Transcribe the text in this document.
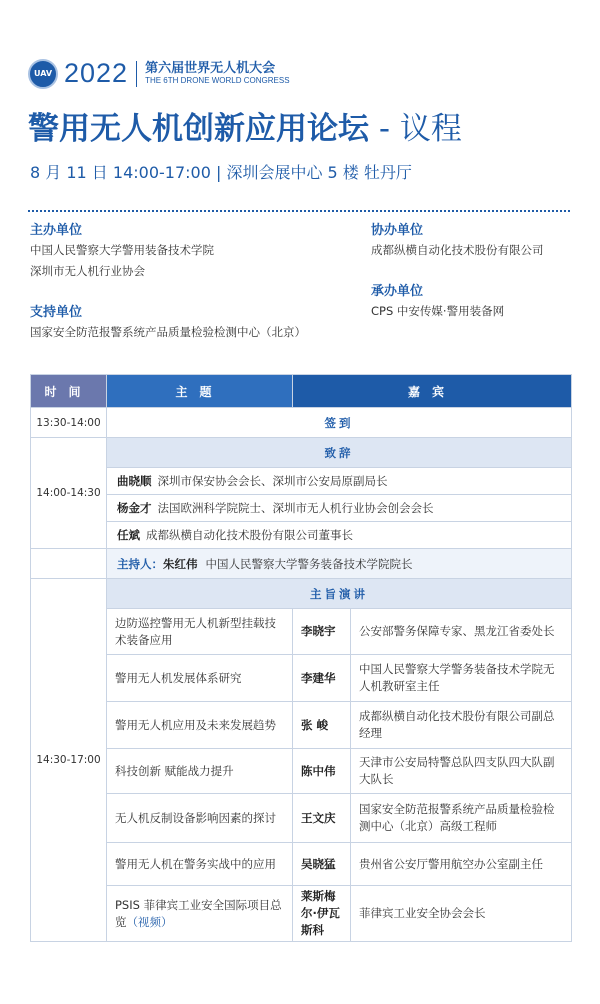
UAV 2022 第六届世界无人机大会
THE 6TH DRONE WORLD CONGRESS
警用无人机创新应用论坛 - 议程
8 月 11 日 14:00-17:00 | 深圳会展中心 5 楼 牡丹厅
主办单位
中国人民警察大学警用装备技术学院
深圳市无人机行业协会
支持单位
国家安全防范报警系统产品质量检验检测中心（北京）
协办单位
成都纵横自动化技术股份有限公司
承办单位
CPS 中安传媒·警用装备网
时间	主题	嘉宾	
13:30-14:00	签到		
14:00-14:30	致辞		
	曲晓顺 深圳市保安协会会长、深圳市公安局原副局长		
	杨金才 法国欧洲科学院院士、深圳市无人机行业协会创会会长		
	任斌 成都纵横自动化技术股份有限公司董事长		
	主持人：朱红伟 中国人民警察大学警务装备技术学院院长		
14:30-17:00	主旨演讲		
	边防巡控警用无人机新型挂载技术装备应用	李晓宇	公安部警务保障专家、黑龙江省委处长
	警用无人机发展体系研究	李建华	中国人民警察大学警务装备技术学院无人机教研室主任
	警用无人机应用及未来发展趋势	张 峻	成都纵横自动化技术股份有限公司副总经理
	科技创新 赋能战力提升	陈中伟	天津市公安局特警总队四支队四大队副大队长
	无人机反制设备影响因素的探讨	王文庆	国家安全防范报警系统产品质量检验检测中心（北京）高级工程师
	警用无人机在警务实战中的应用	吴晓猛	贵州省公安厅警用航空办公室副主任
	PSIS 菲律宾工业安全国际项目总览（视频）	莱斯梅尔·伊瓦斯科	菲律宾工业安全协会会长
